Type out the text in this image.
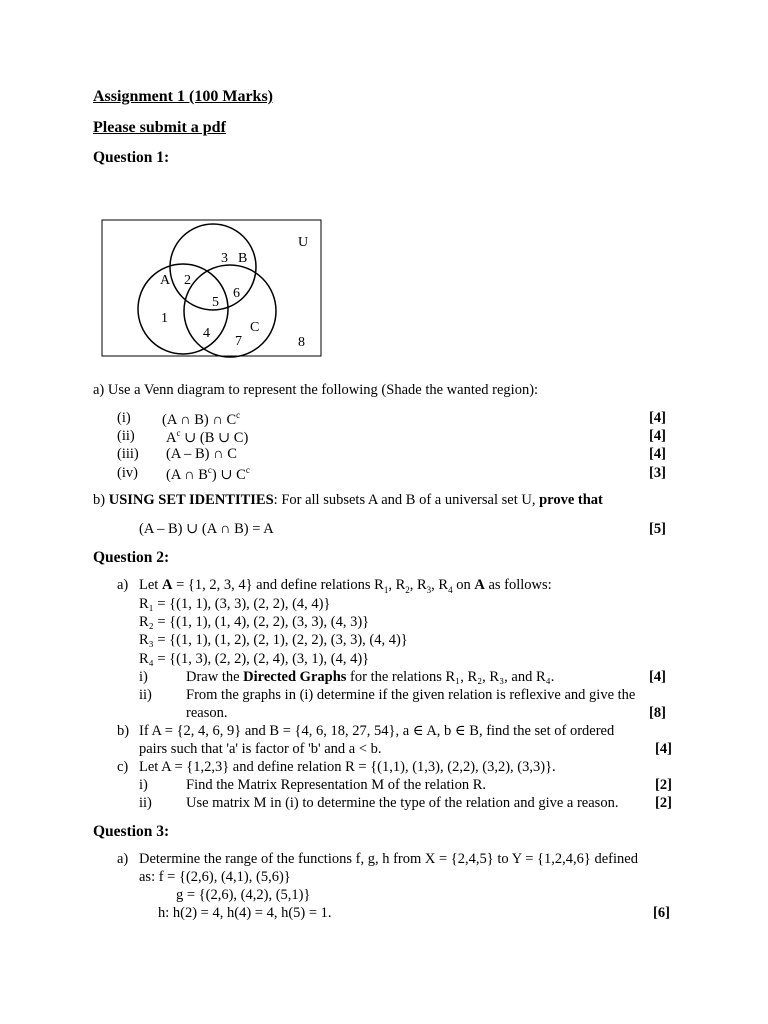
Assignment 1 (100 Marks)
Please submit a pdf
Question 1:
U
A
B
C
1
2
3
4
5
6
7	8
a) Use a Venn diagram to represent the following (Shade the wanted region):
(i) (A ∩ B) ∩ $C^c$	[4]
(ii) $A^c$ ∪ (B ∪ C)	[4]
(iii) (A – B) ∩ C	[4]
(iv) (A ∩ $B^c$) ∪ $C^c$	[3]
b) USING SET IDENTITIES: For all subsets A and B of a universal set U, prove that
(A – B) ∪ (A ∩ B) = A	[5]
Question 2:
a) Let A = {1, 2, 3, 4} and define relations $R_1$, $R_2$, $R_3$, $R_4$ on A as follows:
R₁ = {(1, 1), (3, 3), (2, 2), (4, 4)}
R₂ = {(1, 1), (1, 4), (2, 2), (3, 3), (4, 3)}
R₃ = {(1, 1), (1, 2), (2, 1), (2, 2), (3, 3), (4, 4)}
R₄ = {(1, 3), (2, 2), (2, 4), (3, 1), (4, 4)}
i)	Draw the Directed Graphs for the relations R₁, R₂, R₃, and R₄.	[4]
ii) From the graphs in (i) determine if the given relation is reflexive and give the
reason.	[8]
b) If A = {2, 4, 6, 9} and B = {4, 6, 18, 27, 54}, a ∈ A, b ∈ B, find the set of ordered
pairs such that 'a' is factor of 'b' and a < b.	[4]
c) Let A = {1,2,3} and define relation R = {(1,1), (1,3), (2,2), (3,2), (3,3)}.
i)	Find the Matrix Representation M of the relation R.	[2]
ii) Use matrix M in (i) to determine the type of the relation and give a reason.	[2]
Question 3:
a) Determine the range of the functions f, g, h from X = {2,4,5} to Y = {1,2,4,6} defined
as: f = {(2,6), (4,1), (5,6)}
g = {(2,6), (4,2), (5,1)}
h: h(2) = 4, h(4) = 4, h(5) = 1.	[6]
